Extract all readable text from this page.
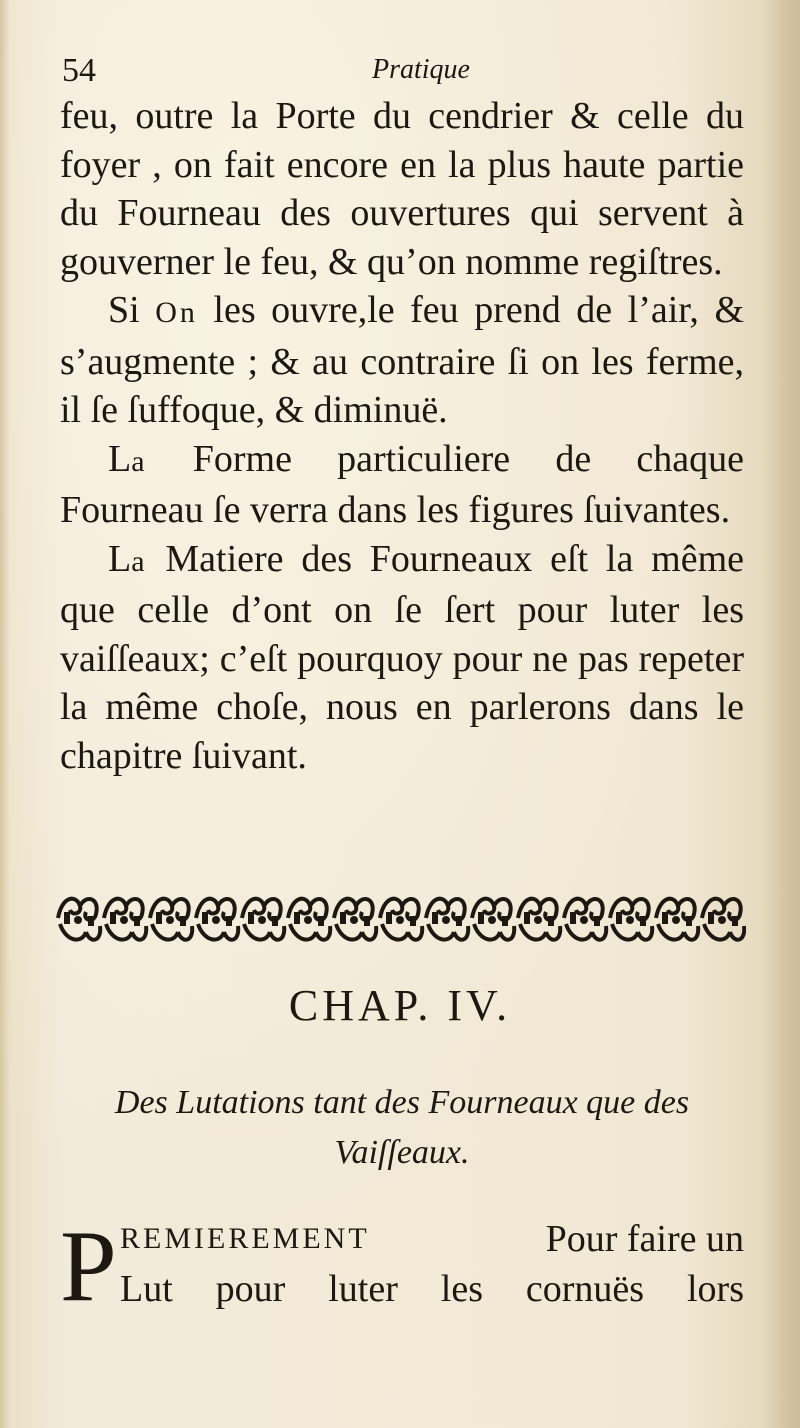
54	Pratique

feu, outre la Porte du cendrier & celle du foyer , on fait encore en la plus haute partie du Fourneau des ouvertures qui servent à gouverner le feu, & qu’on nomme regiſtres.

Si On les ouvre,le feu prend de l’air, & s’augmente ; & au contraire ſi on les ferme, il ſe ſuffoque, & diminuë.

La Forme particuliere de chaque Fourneau ſe verra dans les figures ſuivantes.

La Matiere des Fourneaux eſt la même que celle d’ont on ſe ſert pour luter les vaiſſeaux; c’eſt pourquoy pour ne pas repeter la même choſe, nous en parlerons dans le chapitre ſuivant.

CHAP. IV.
Des Lutations tant des Fourneaux que des Vaiſſeaux.
P REMIEREMENT	Pour faire un
Lut pour luter les cornuës lors
